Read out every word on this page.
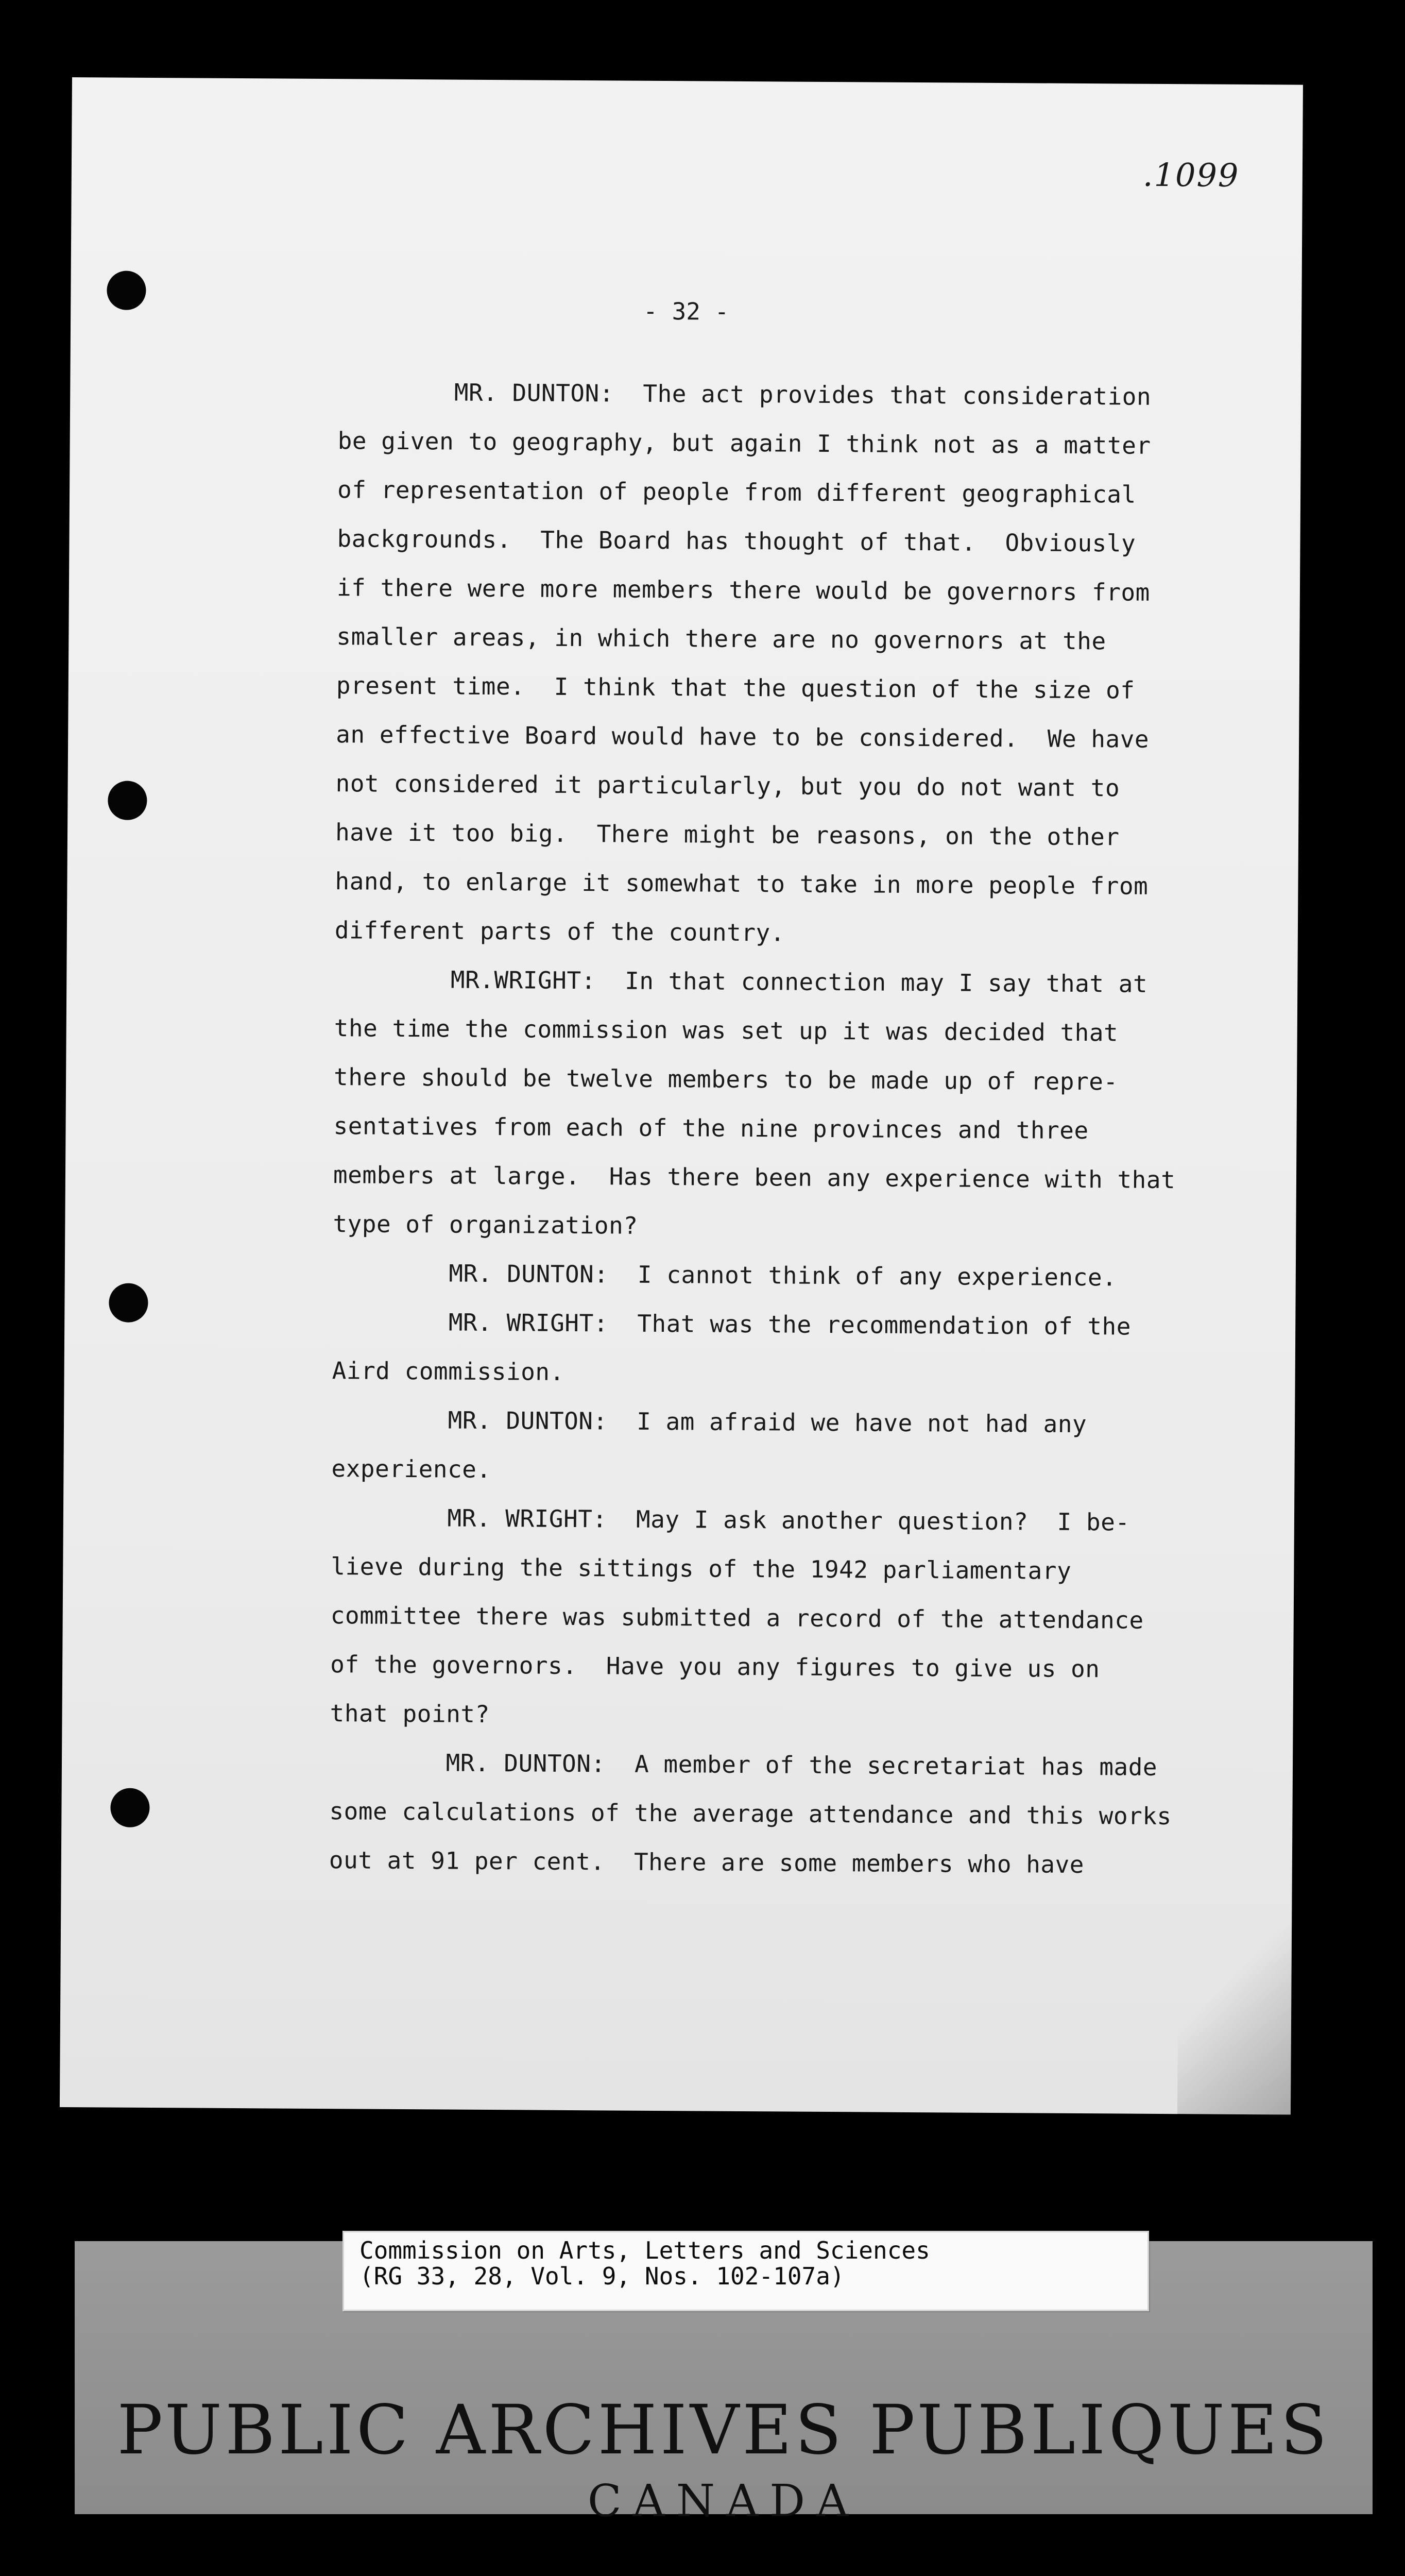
.1099
- 32 -
MR. DUNTON:  The act provides that consideration
be given to geography, but again I think not as a matter
of representation of people from different geographical
backgrounds.  The Board has thought of that.  Obviously
if there were more members there would be governors from
smaller areas, in which there are no governors at the
present time.  I think that the question of the size of
an effective Board would have to be considered.  We have
not considered it particularly, but you do not want to
have it too big.  There might be reasons, on the other
hand, to enlarge it somewhat to take in more people from
different parts of the country.
MR.WRIGHT:  In that connection may I say that at
the time the commission was set up it was decided that
there should be twelve members to be made up of repre-
sentatives from each of the nine provinces and three
members at large.  Has there been any experience with that
type of organization?
MR. DUNTON:  I cannot think of any experience.
MR. WRIGHT:  That was the recommendation of the
Aird commission.
MR. DUNTON:  I am afraid we have not had any
experience.
MR. WRIGHT:  May I ask another question?  I be-
lieve during the sittings of the 1942 parliamentary
committee there was submitted a record of the attendance
of the governors.  Have you any figures to give us on
that point?
MR. DUNTON:  A member of the secretariat has made
some calculations of the average attendance and this works
out at 91 per cent.  There are some members who have
Commission on Arts, Letters and Sciences
(RG 33, 28, Vol. 9, Nos. 102-107a)
PUBLIC ARCHIVES PUBLIQUES
CANADA
